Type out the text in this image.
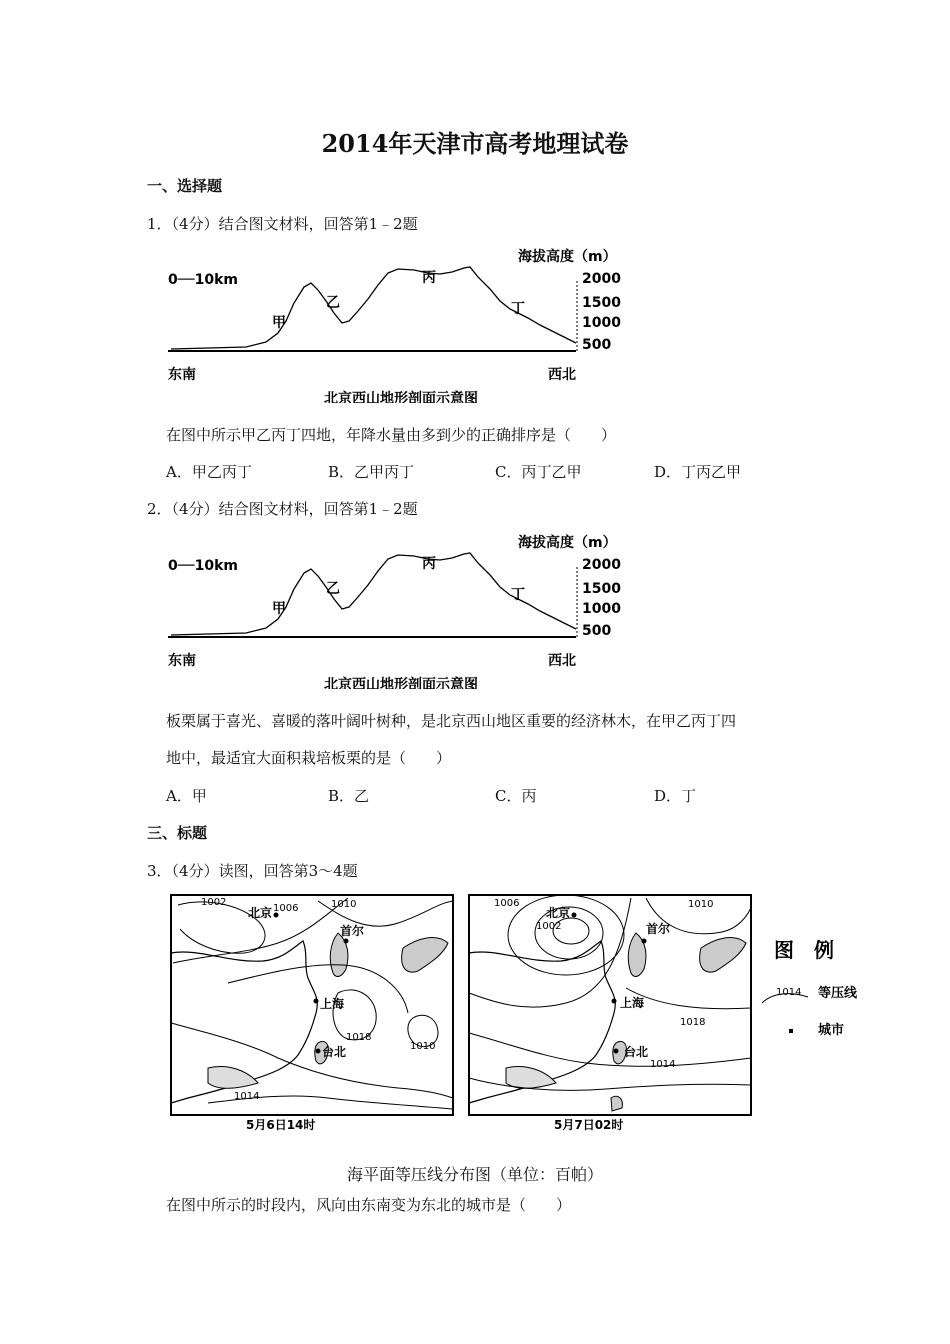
2014年天津市高考地理试卷
一、选择题
1．（4分）结合图文材料，回答第1﹣2题
0──10km
海拔高度（m）
2000
1500
1000
500
甲
乙
丙
丁
东南	西北
北京西山地形剖面示意图
在图中所示甲乙丙丁四地，年降水量由多到少的正确排序是（　　）
A．甲乙丙丁	B．乙甲丙丁	C．丙丁乙甲	D．丁丙乙甲
2．（4分）结合图文材料，回答第1﹣2题
0──10km
海拔高度（m）
2000
1500
1000
500
甲
乙
丙
丁
东南	西北
北京西山地形剖面示意图
板栗属于喜光、喜暖的落叶阔叶树种，是北京西山地区重要的经济林木，在甲乙丙丁四
地中，最适宜大面积栽培板栗的是（　　）
A．甲	B．乙	C．丙	D．丁
三、标题
3．（4分）读图，回答第3～4题
1002
1006	1010
1018
1010
1014
北京
首尔
上海
台北
5月6日14时
1006
1002
1010
1018
1014
北京
首尔
上海
台北
5月7日02时
图　例
1014 等压线
城市
海平面等压线分布图（单位：百帕）
在图中所示的时段内，风向由东南变为东北的城市是（　　）
